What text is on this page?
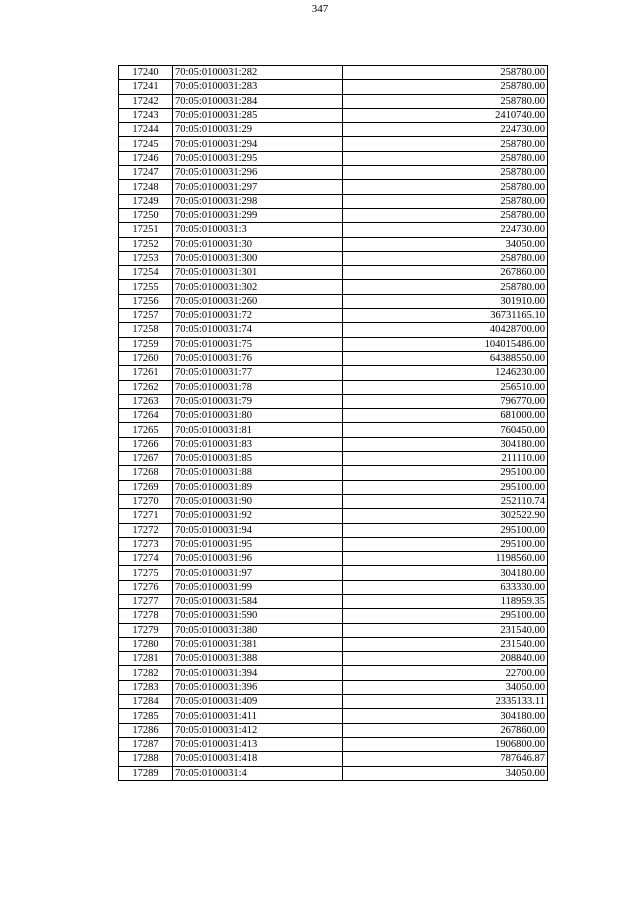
347
17240	70:05:0100031:282	258780.00
17241	70:05:0100031:283	258780.00
17242	70:05:0100031:284	258780.00
17243	70:05:0100031:285	2410740.00
17244	70:05:0100031:29	224730.00
17245	70:05:0100031:294	258780.00
17246	70:05:0100031:295	258780.00
17247	70:05:0100031:296	258780.00
17248	70:05:0100031:297	258780.00
17249	70:05:0100031:298	258780.00
17250	70:05:0100031:299	258780.00
17251	70:05:0100031:3	224730.00
17252	70:05:0100031:30	34050.00
17253	70:05:0100031:300	258780.00
17254	70:05:0100031:301	267860.00
17255	70:05:0100031:302	258780.00
17256	70:05:0100031:260	301910.00
17257	70:05:0100031:72	36731165.10
17258	70:05:0100031:74	40428700.00
17259	70:05:0100031:75	104015486.00
17260	70:05:0100031:76	64388550.00
17261	70:05:0100031:77	1246230.00
17262	70:05:0100031:78	256510.00
17263	70:05:0100031:79	796770.00
17264	70:05:0100031:80	681000.00
17265	70:05:0100031:81	760450.00
17266	70:05:0100031:83	304180.00
17267	70:05:0100031:85	211110.00
17268	70:05:0100031:88	295100.00
17269	70:05:0100031:89	295100.00
17270	70:05:0100031:90	252110.74
17271	70:05:0100031:92	302522.90
17272	70:05:0100031:94	295100.00
17273	70:05:0100031:95	295100.00
17274	70:05:0100031:96	1198560.00
17275	70:05:0100031:97	304180.00
17276	70:05:0100031:99	633330.00
17277	70:05:0100031:584	118959.35
17278	70:05:0100031:590	295100.00
17279	70:05:0100031:380	231540.00
17280	70:05:0100031:381	231540.00
17281	70:05:0100031:388	208840.00
17282	70:05:0100031:394	22700.00
17283	70:05:0100031:396	34050.00
17284	70:05:0100031:409	2335133.11
17285	70:05:0100031:411	304180.00
17286	70:05:0100031:412	267860.00
17287	70:05:0100031:413	1906800.00
17288	70:05:0100031:418	787646.87
17289	70:05:0100031:4	34050.00
